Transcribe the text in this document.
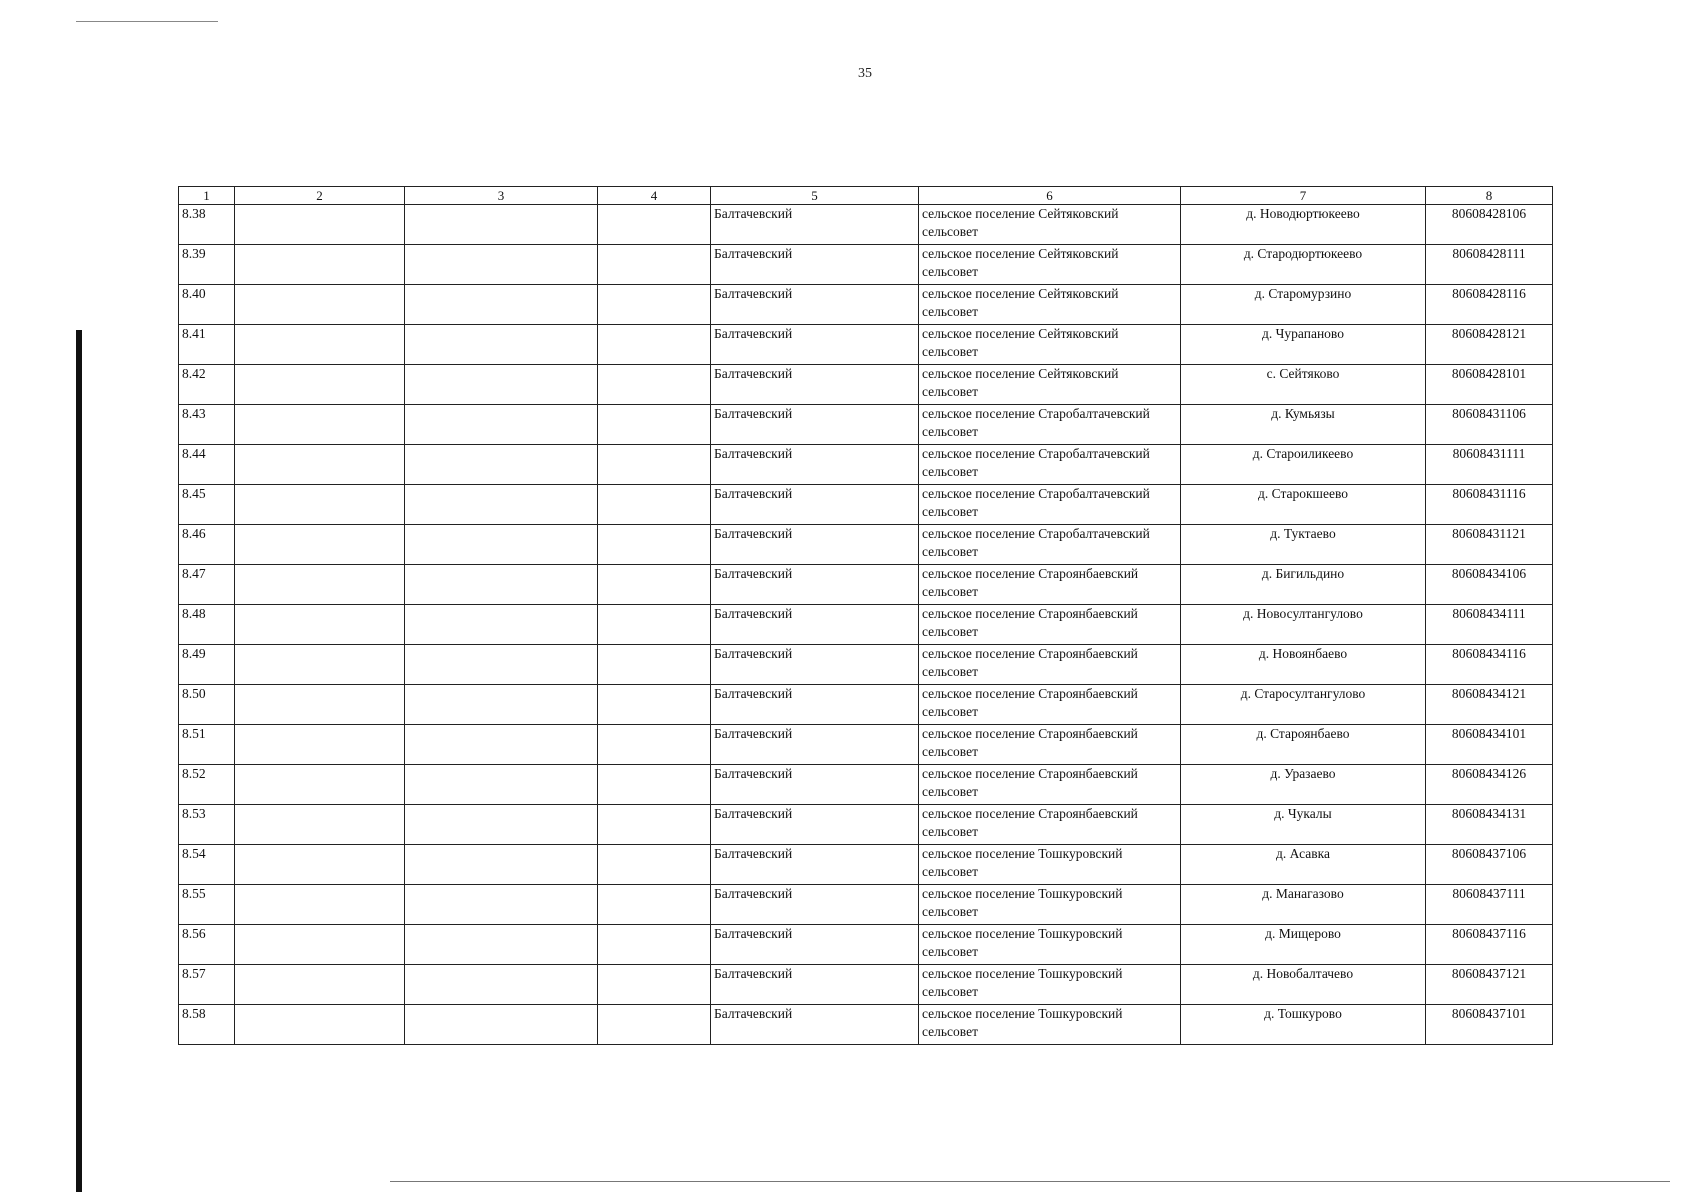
35
1	2	3	4	5	6	7	8
8.38				Балтачевский	сельское поселение Сейтяковский сельсовет	д. Новодюртюкеево	80608428106
8.39				Балтачевский	сельское поселение Сейтяковский сельсовет	д. Стародюртюкеево	80608428111
8.40				Балтачевский	сельское поселение Сейтяковский сельсовет	д. Старомурзино	80608428116
8.41				Балтачевский	сельское поселение Сейтяковский сельсовет	д. Чурапаново	80608428121
8.42				Балтачевский	сельское поселение Сейтяковский сельсовет	с. Сейтяково	80608428101
8.43				Балтачевский	сельское поселение Старобалтачевский сельсовет	д. Кумьязы	80608431106
8.44				Балтачевский	сельское поселение Старобалтачевский сельсовет	д. Староиликеево	80608431111
8.45				Балтачевский	сельское поселение Старобалтачевский сельсовет	д. Старокшеево	80608431116
8.46				Балтачевский	сельское поселение Старобалтачевский сельсовет	д. Туктаево	80608431121
8.47				Балтачевский	сельское поселение Старoянбаевский сельсовет	д. Бигильдино	80608434106
8.48				Балтачевский	сельское поселение Староянбаевский сельсовет	д. Новосултангулово	80608434111
8.49				Балтачевский	сельское поселение Староянбаевский сельсовет	д. Новоянбаево	80608434116
8.50				Балтачевский	сельское поселение Староянбаевский сельсовет	д. Старосултангулово	80608434121
8.51				Балтачевский	сельское поселение Староянбаевский сельсовет	д. Староянбаево	80608434101
8.52				Балтачевский	сельское поселение Староянбаевский сельсовет	д. Уразаево	80608434126
8.53				Балтачевский	сельское поселение Староянбаевский сельсовет	д. Чукалы	80608434131
8.54				Балтачевский	сельское поселение Тошкуровский сельсовет	д. Асавка	80608437106
8.55				Балтачевский	сельское поселение Тошкуровский сельсовет	д. Манагазово	80608437111
8.56				Балтачевский	сельское поселение Тошкуровский сельсовет	д. Мищерово	80608437116
8.57				Балтачевский	сельское поселение Тошкуровский сельсовет	д. Новобалтачево	80608437121
8.58				Балтачевский	сельское поселение Тошкуровский сельсовет	д. Тошкурово	80608437101
